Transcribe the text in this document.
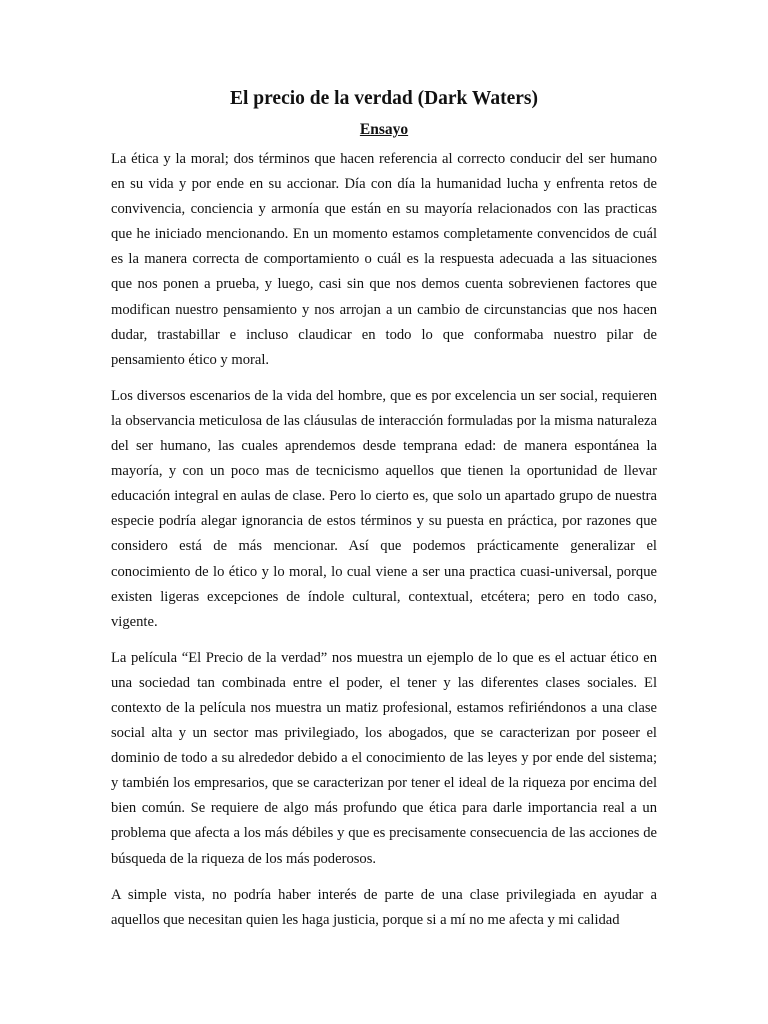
El precio de la verdad (Dark Waters)
Ensayo

La ética y la moral; dos términos que hacen referencia al correcto conducir del ser humano en su vida y por ende en su accionar. Día con día la humanidad lucha y enfrenta retos de convivencia, conciencia y armonía que están en su mayoría relacionados con las practicas que he iniciado mencionando. En un momento estamos completamente convencidos de cuál es la manera correcta de comportamiento o cuál es la respuesta adecuada a las situaciones que nos ponen a prueba, y luego, casi sin que nos demos cuenta sobrevienen factores que modifican nuestro pensamiento y nos arrojan a un cambio de circunstancias que nos hacen dudar, trastabillar e incluso claudicar en todo lo que conformaba nuestro pilar de pensamiento ético y moral.

Los diversos escenarios de la vida del hombre, que es por excelencia un ser social, requieren la observancia meticulosa de las cláusulas de interacción formuladas por la misma naturaleza del ser humano, las cuales aprendemos desde temprana edad: de manera espontánea la mayoría, y con un poco mas de tecnicismo aquellos que tienen la oportunidad de llevar educación integral en aulas de clase. Pero lo cierto es, que solo un apartado grupo de nuestra especie podría alegar ignorancia de estos términos y su puesta en práctica, por razones que considero está de más mencionar. Así que podemos prácticamente generalizar el conocimiento de lo ético y lo moral, lo cual viene a ser una practica cuasi-universal, porque existen ligeras excepciones de índole cultural, contextual, etcétera; pero en todo caso, vigente.

La película “El Precio de la verdad” nos muestra un ejemplo de lo que es el actuar ético en una sociedad tan combinada entre el poder, el tener y las diferentes clases sociales. El contexto de la película nos muestra un matiz profesional, estamos refiriéndonos a una clase social alta y un sector mas privilegiado, los abogados, que se caracterizan por poseer el dominio de todo a su alrededor debido a el conocimiento de las leyes y por ende del sistema; y también los empresarios, que se caracterizan por tener el ideal de la riqueza por encima del bien común. Se requiere de algo más profundo que ética para darle importancia real a un problema que afecta a los más débiles y que es precisamente consecuencia de las acciones de búsqueda de la riqueza de los más poderosos.

A simple vista, no podría haber interés de parte de una clase privilegiada en ayudar a aquellos que necesitan quien les haga justicia, porque si a mí no me afecta y mi calidad
